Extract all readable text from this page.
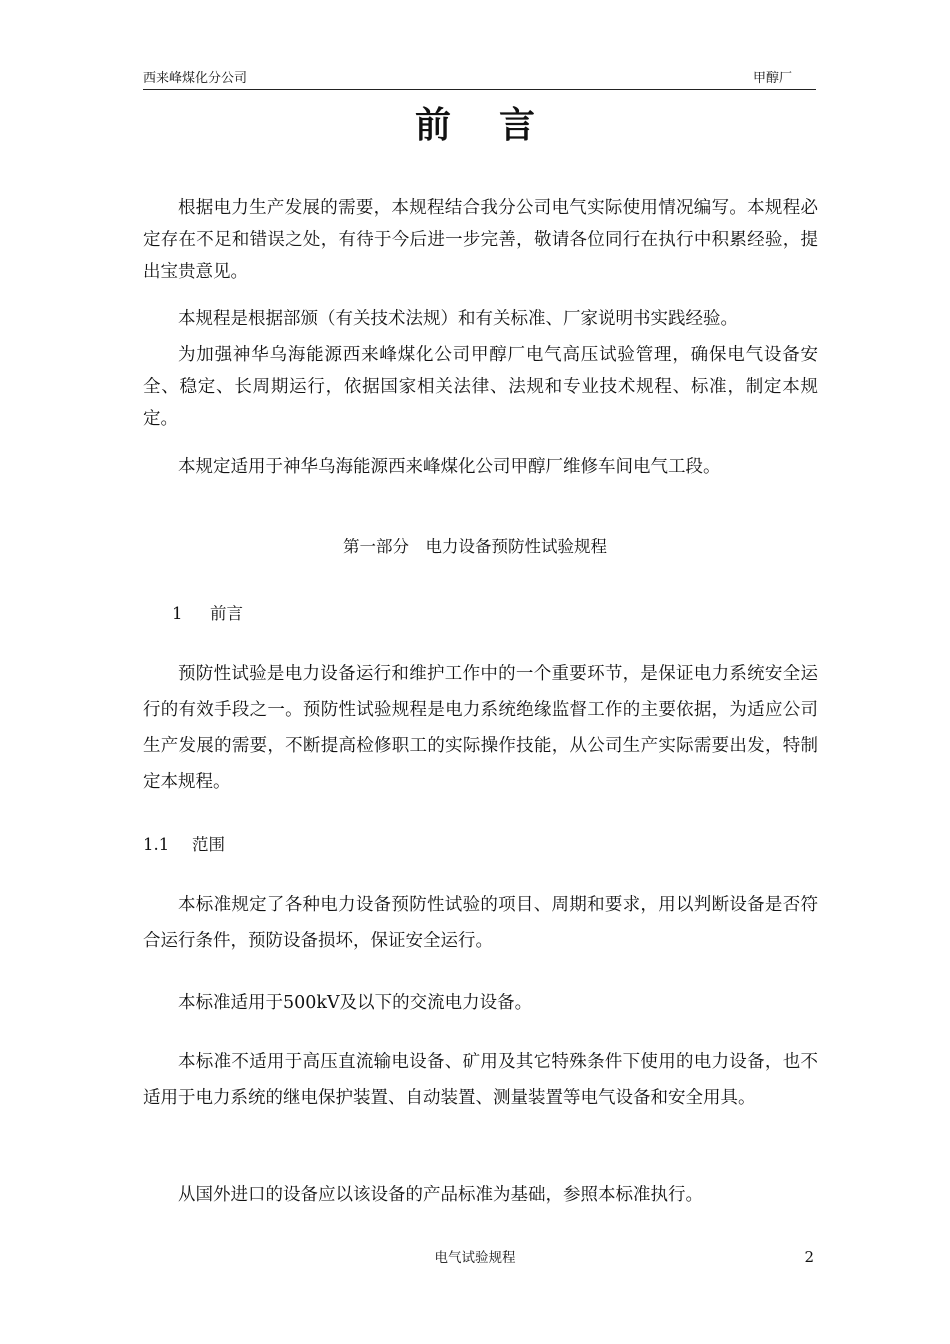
西来峰煤化分公司	甲醇厂
前言
根据电力生产发展的需要，本规程结合我分公司电气实际使用情况编写。本规程必定存在不足和错误之处，有待于今后进一步完善，敬请各位同行在执行中积累经验，提出宝贵意见。
本规程是根据部颁（有关技术法规）和有关标准、厂家说明书实践经验。
为加强神华乌海能源西来峰煤化公司甲醇厂电气高压试验管理，确保电气设备安全、稳定、长周期运行，依据国家相关法律、法规和专业技术规程、标准，制定本规定。
本规定适用于神华乌海能源西来峰煤化公司甲醇厂维修车间电气工段。
第一部分　电力设备预防性试验规程
1 前言
预防性试验是电力设备运行和维护工作中的一个重要环节，是保证电力系统安全运行的有效手段之一。预防性试验规程是电力系统绝缘监督工作的主要依据，为适应公司生产发展的需要，不断提高检修职工的实际操作技能，从公司生产实际需要出发，特制定本规程。
1.1 范围
本标准规定了各种电力设备预防性试验的项目、周期和要求，用以判断设备是否符合运行条件，预防设备损坏，保证安全运行。
本标准适用于500kV及以下的交流电力设备。
本标准不适用于高压直流输电设备、矿用及其它特殊条件下使用的电力设备，也不适用于电力系统的继电保护装置、自动装置、测量装置等电气设备和安全用具。
从国外进口的设备应以该设备的产品标准为基础，参照本标准执行。
电气试验规程	2
